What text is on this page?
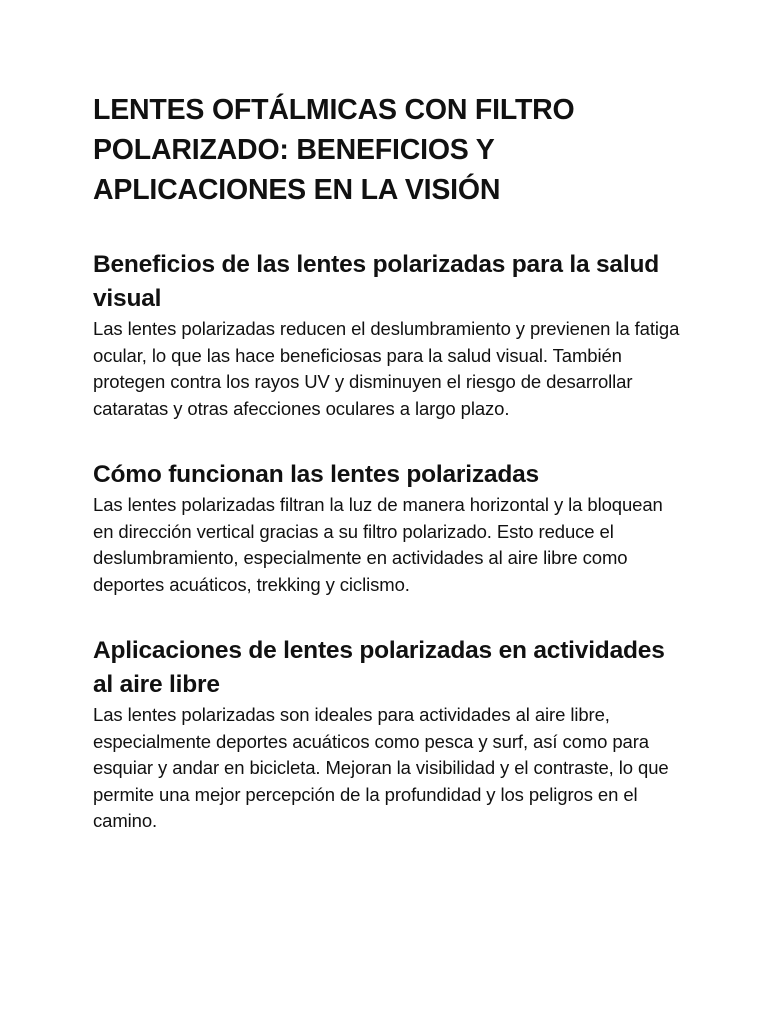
LENTES OFTÁLMICAS CON FILTRO POLARIZADO: BENEFICIOS Y APLICACIONES EN LA VISIÓN
Beneficios de las lentes polarizadas para la salud visual

Las lentes polarizadas reducen el deslumbramiento y previenen la fatiga ocular, lo que las hace beneficiosas para la salud visual. También protegen contra los rayos UV y disminuyen el riesgo de desarrollar cataratas y otras afecciones oculares a largo plazo.

Cómo funcionan las lentes polarizadas

Las lentes polarizadas filtran la luz de manera horizontal y la bloquean en dirección vertical gracias a su filtro polarizado. Esto reduce el deslumbramiento, especialmente en actividades al aire libre como deportes acuáticos, trekking y ciclismo.

Aplicaciones de lentes polarizadas en actividades al aire libre

Las lentes polarizadas son ideales para actividades al aire libre, especialmente deportes acuáticos como pesca y surf, así como para esquiar y andar en bicicleta. Mejoran la visibilidad y el contraste, lo que permite una mejor percepción de la profundidad y los peligros en el camino.
